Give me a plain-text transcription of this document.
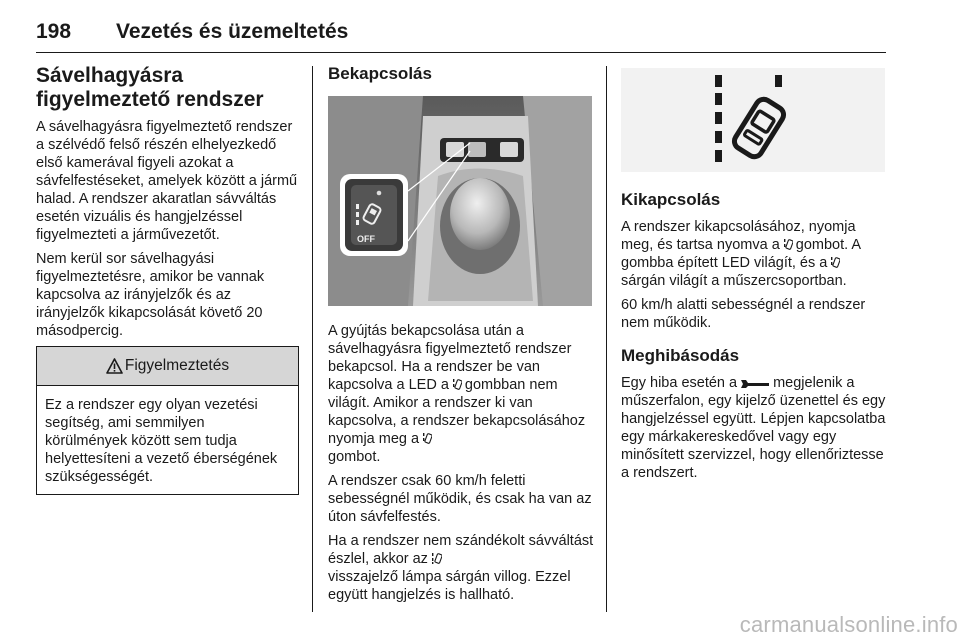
198 Vezetés és üzemeltetés
Sávelhagyásra figyelmeztető rendszer

A sávelhagyásra figyelmeztető rendszer a szélvédő felső részén elhelyezkedő első kamerával figyeli azokat a sávfelfestéseket, amelyek között a jármű halad. A rendszer akaratlan sávváltás esetén vizuális és hangjelzéssel figyelmezteti a járművezetőt.

Nem kerül sor sávelhagyási figyelmeztetésre, amikor be vannak kapcsolva az irányjelzők és az irányjelzők kikapcsolását követő 20 másodpercig.

Figyelmeztetés

Ez a rendszer egy olyan vezetési segítség, ami semmilyen körülmények között sem tudja helyettesíteni a vezető éberségének szükségességét.

Bekapcsolás
OFF

A gyújtás bekapcsolása után a sávelhagyásra figyelmeztető rendszer bekapcsol. Ha a rendszer be van kapcsolva a LED a gombban nem világít. Amikor a rendszer ki van kapcsolva, a rendszer bekapcsolásához nyomja meg a
gombot.

A rendszer csak 60 km/h feletti sebességnél működik, és csak ha van az úton sávfelfestés.

Ha a rendszer nem szándékolt sávváltást észlel, akkor az
visszajelző lámpa sárgán villog. Ezzel együtt hangjelzés is hallható.

Kikapcsolás

A rendszer kikapcsolásához, nyomja meg, és tartsa nyomva a gombot. A gombba épített LED világít, és a
sárgán világít a műszercsoportban.

60 km/h alatti sebességnél a rendszer nem működik.

Meghibásodás

Egy hiba esetén a megjelenik a műszerfalon, egy kijelző üzenettel és egy hangjelzéssel együtt. Lépjen kapcsolatba egy márkakereskedővel vagy egy minősített szervizzel, hogy ellenőriztesse a rendszert.

carmanualsonline.info
